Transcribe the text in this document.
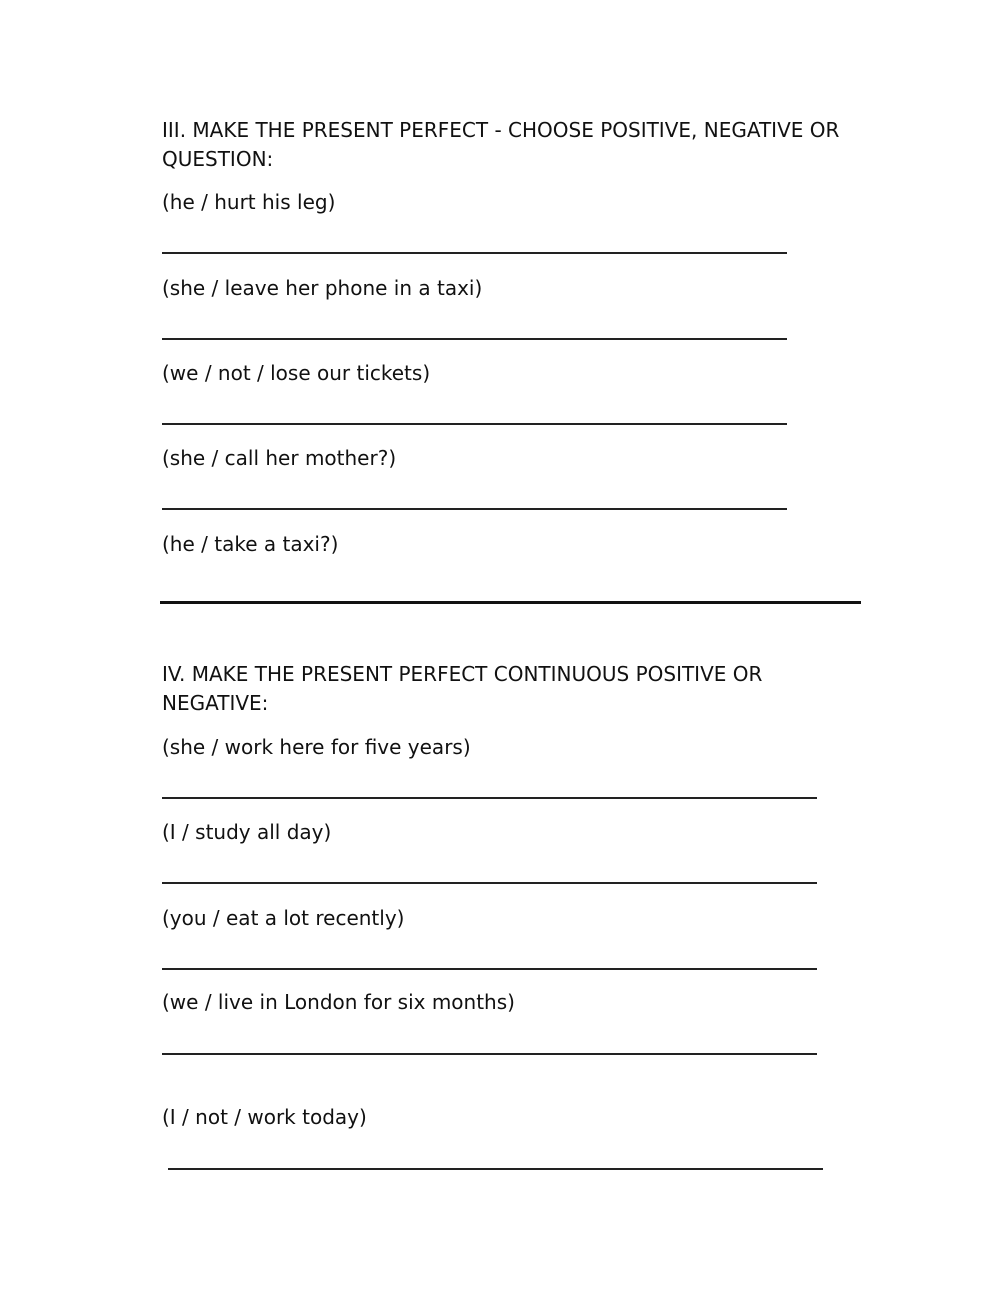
III. MAKE THE PRESENT PERFECT - CHOOSE POSITIVE, NEGATIVE OR QUESTION:

(he / hurt his leg)

(she / leave her phone in a taxi)

(we / not / lose our tickets)

(she / call her mother?)

(he / take a taxi?)

IV. MAKE THE PRESENT PERFECT CONTINUOUS POSITIVE OR NEGATIVE:

(she / work here for five years)

(I / study all day)

(you / eat a lot recently)

(we / live in London for six months)

(I / not / work today)
